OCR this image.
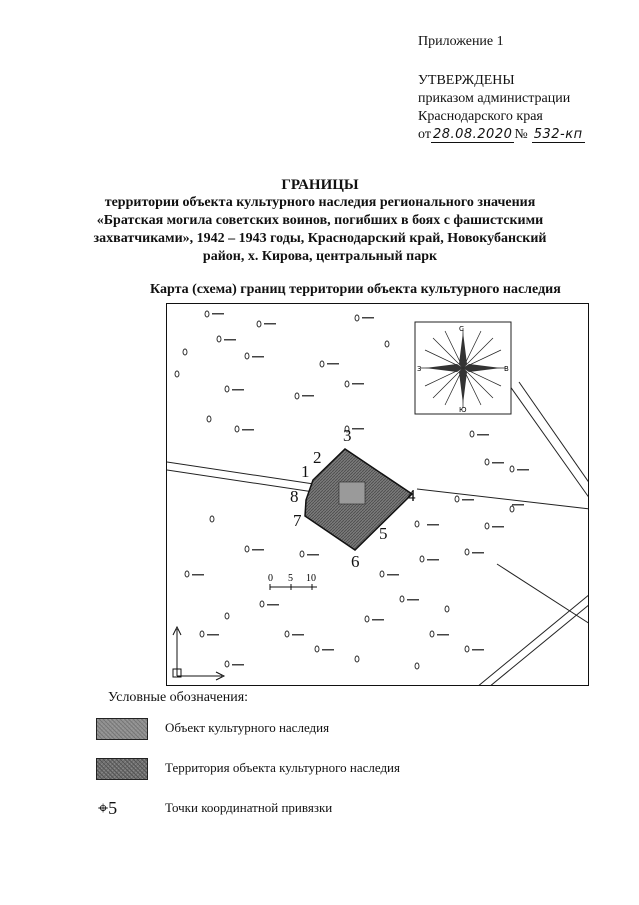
Приложение 1
УТВЕРЖДЕНЫ
приказом администрации
Краснодарского края
от 28.08.2020 № 532-кп
ГРАНИЦЫ
территории объекта культурного наследия регионального значения
«Братская могила советских воинов, погибших в боях с фашистскими
захватчиками», 1942 – 1943 годы, Краснодарский край, Новокубанский
район, х. Кирова, центральный парк
Карта (схема) границ территории объекта культурного наследия
С
Ю
З	В
1
2
3
4
5
6
7
8
0 5 10
Условные обозначения:
Объект культурного наследия
Территория объекта культурного наследия
⌖5	Точки координатной привязки
